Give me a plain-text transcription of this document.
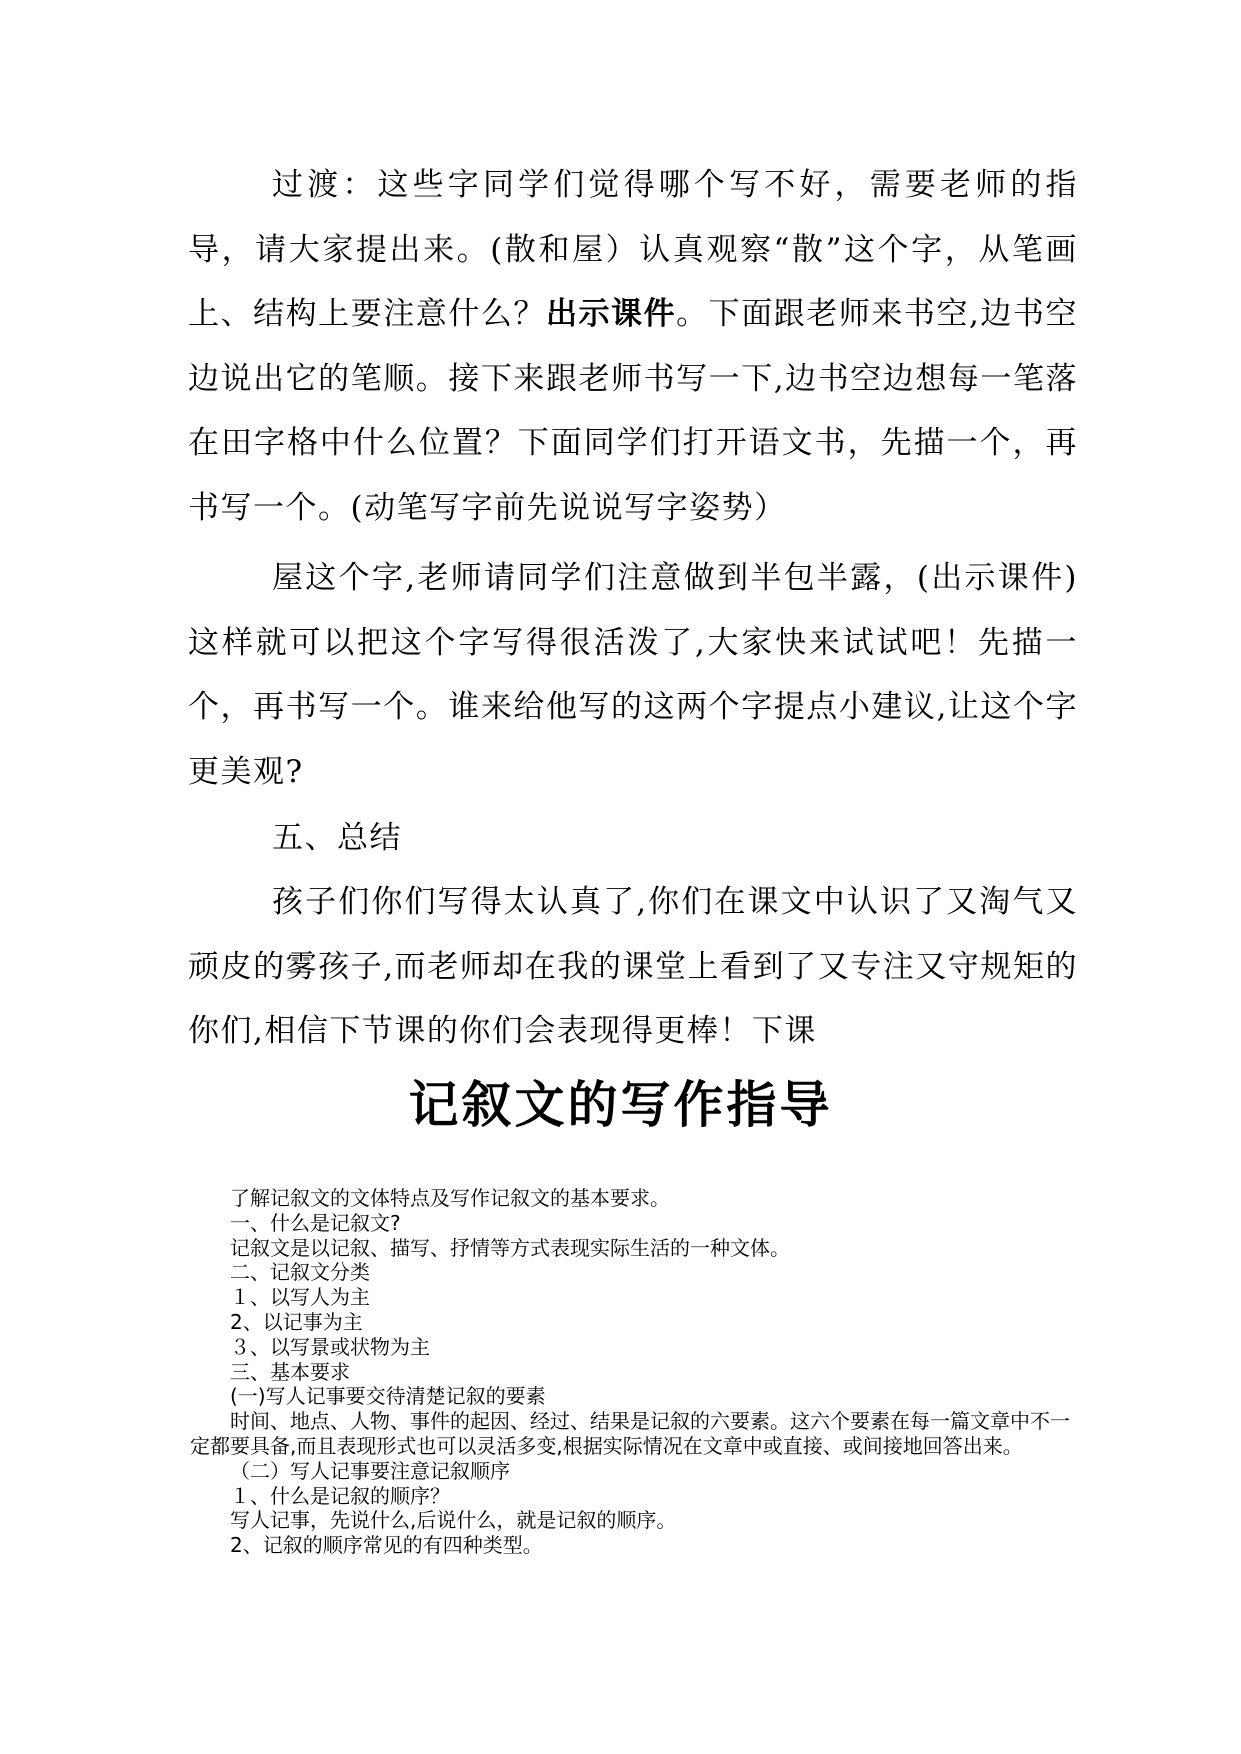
过渡：这些字同学们觉得哪个写不好，需要老师的指导，请大家提出来。(散和屋）认真观察“散”这个字，从笔画上、结构上要注意什么？出示课件。下面跟老师来书空,边书空边说出它的笔顺。接下来跟老师书写一下,边书空边想每一笔落在田字格中什么位置？下面同学们打开语文书，先描一个，再书写一个。(动笔写字前先说说写字姿势）

屋这个字,老师请同学们注意做到半包半露，(出示课件)这样就可以把这个字写得很活泼了,大家快来试试吧！先描一个，再书写一个。谁来给他写的这两个字提点小建议,让这个字更美观?

五、总结

孩子们你们写得太认真了,你们在课文中认识了又淘气又顽皮的雾孩子,而老师却在我的课堂上看到了又专注又守规矩的你们,相信下节课的你们会表现得更棒！下课

记叙文的写作指导
了解记叙文的文体特点及写作记叙文的基本要求。
一、什么是记叙文?
记叙文是以记叙、描写、抒情等方式表现实际生活的一种文体。
二、记叙文分类
１、以写人为主
2、以记事为主
３、以写景或状物为主
三、基本要求
(一)写人记事要交待清楚记叙的要素
时间、地点、人物、事件的起因、经过、结果是记叙的六要素。这六个要素在每一篇文章中不一定都要具备,而且表现形式也可以灵活多变,根据实际情况在文章中或直接、或间接地回答出来。
（二）写人记事要注意记叙顺序
１、什么是记叙的顺序？
写人记事，先说什么,后说什么，就是记叙的顺序。
2、记叙的顺序常见的有四种类型。
